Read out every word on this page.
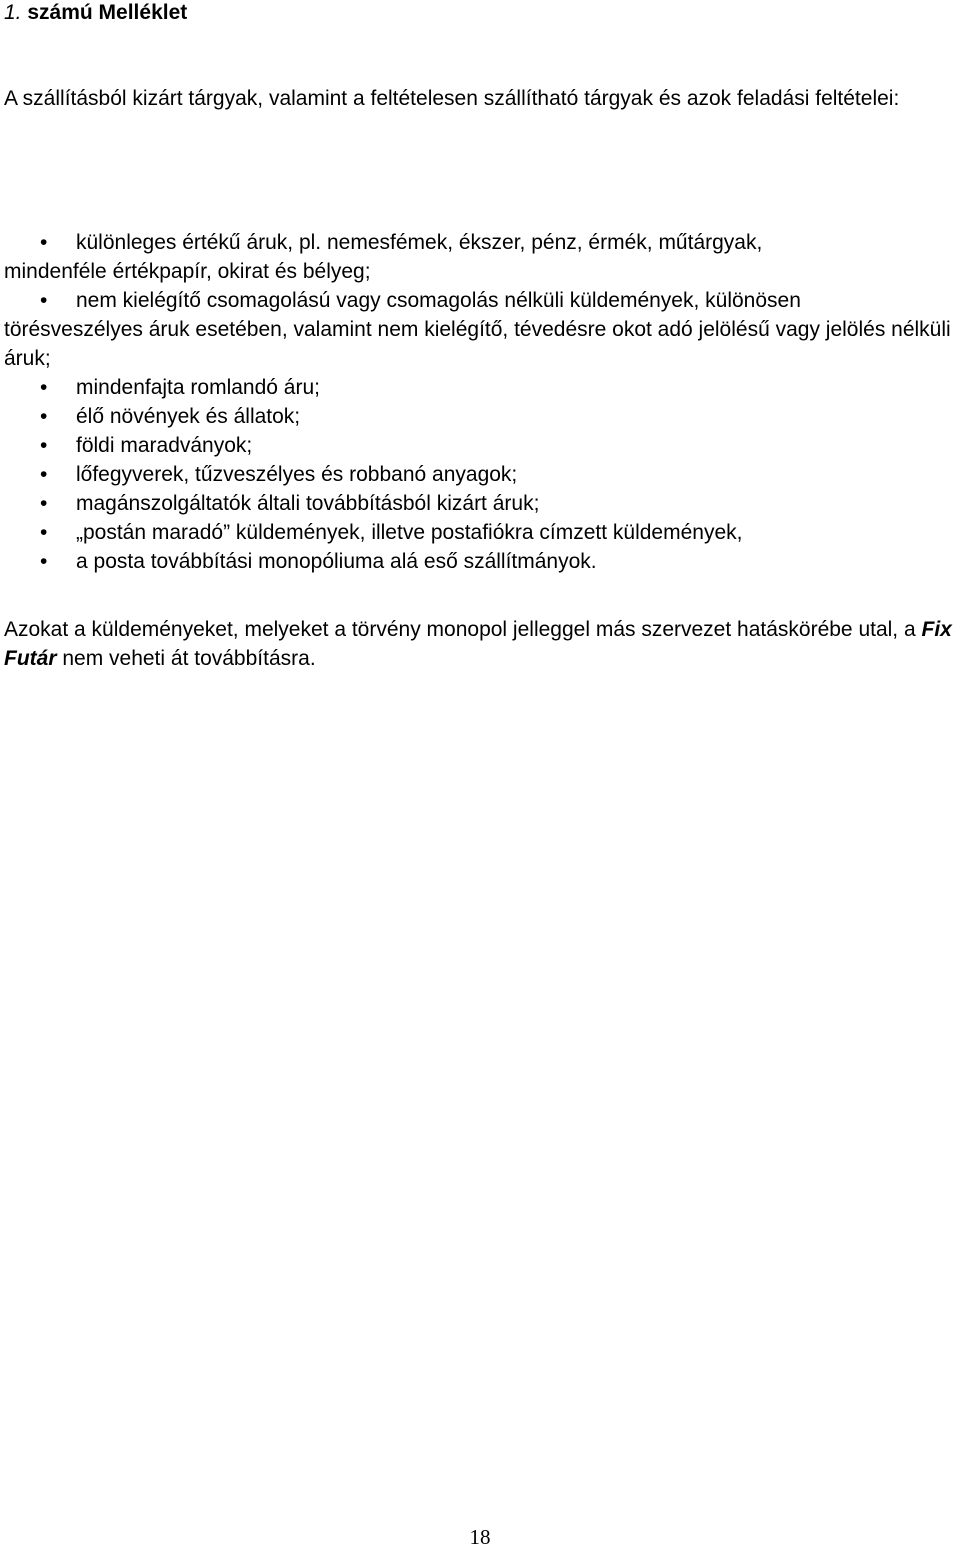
1. számú Melléklet

A szállításból kizárt tárgyak, valamint a feltételesen szállítható tárgyak és azok feladási feltételei:

• különleges értékű áruk, pl. nemesfémek, ékszer, pénz, érmék, műtárgyak,
mindenféle értékpapír, okirat és bélyeg;
• nem kielégítő csomagolású vagy csomagolás nélküli küldemények, különösen
törésveszélyes áruk esetében, valamint nem kielégítő, tévedésre okot adó jelölésű vagy jelölés nélküli áruk;
• mindenfajta romlandó áru;
• élő növények és állatok;
• földi maradványok;
• lőfegyverek, tűzveszélyes és robbanó anyagok;
• magánszolgáltatók általi továbbításból kizárt áruk;
• „postán maradó” küldemények, illetve postafiókra címzett küldemények,
• a posta továbbítási monopóliuma alá eső szállítmányok.

Azokat a küldeményeket, melyeket a törvény monopol jelleggel más szervezet hatáskörébe utal, a Fix Futár nem veheti át továbbításra.

18
